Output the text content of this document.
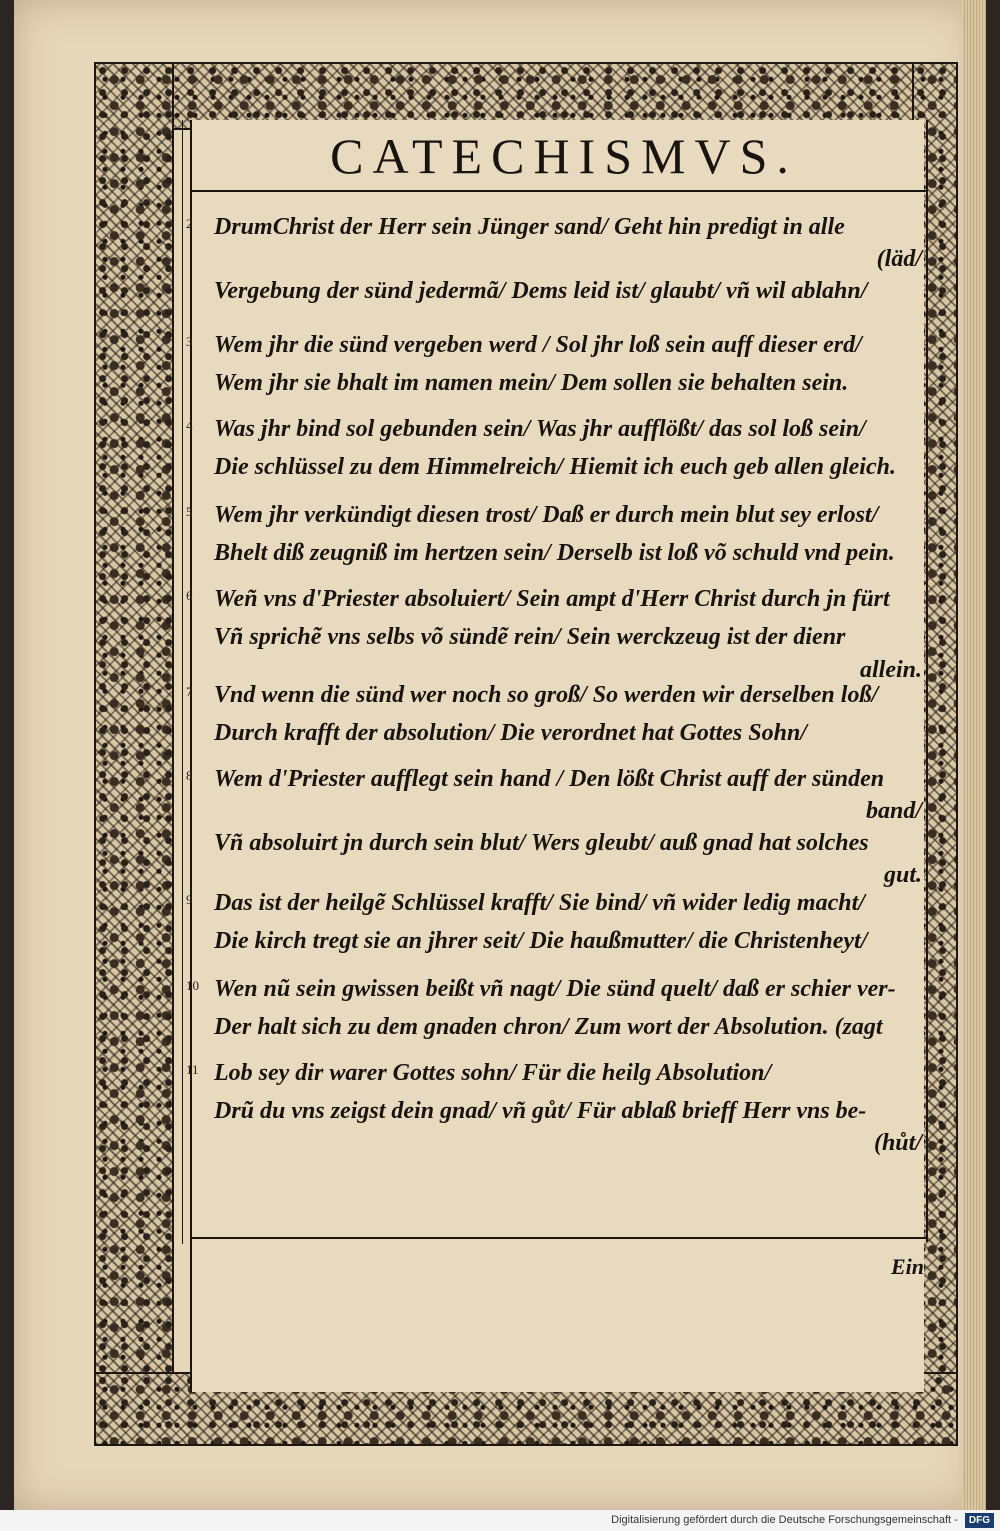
CATECHISMVS.
2 DrumChrist der Herr sein Jünger sand/ Geht hin predigt in alle
(läd/
Vergebung der sünd jedermã/ Dems leid ist/ glaubt/ vñ wil ablahn/
3 Wem jhr die sünd vergeben werd / Sol jhr loß sein auff dieser erd/
Wem jhr sie bhalt im namen mein/ Dem sollen sie behalten sein.
4 Was jhr bind sol gebunden sein/ Was jhr aufflößt/ das sol loß sein/
Die schlüssel zu dem Himmelreich/ Hiemit ich euch geb allen gleich.
5 Wem jhr verkündigt diesen trost/ Daß er durch mein blut sey erlost/
Bhelt diß zeugniß im hertzen sein/ Derselb ist loß võ schuld vnd pein.
6 Weñ vns d'Priester absoluiert/ Sein ampt d'Herr Christ durch jn fürt
Vñ sprichẽ vns selbs võ sündẽ rein/ Sein werckzeug ist der dienr
allein.
7 Vnd wenn die sünd wer noch so groß/ So werden wir derselben loß/
Durch krafft der absolution/ Die verordnet hat Gottes Sohn/
8 Wem d'Priester aufflegt sein hand / Den lößt Christ auff der sünden
band/
Vñ absoluirt jn durch sein blut/ Wers gleubt/ auß gnad hat solches
gut.
9 Das ist der heilgẽ Schlüssel krafft/ Sie bind/ vñ wider ledig macht/
Die kirch tregt sie an jhrer seit/ Die haußmutter/ die Christenheyt/
10 Wen nũ sein gwissen beißt vñ nagt/ Die sünd quelt/ daß er schier ver-
Der halt sich zu dem gnaden chron/ Zum wort der Absolution. (zagt
11 Lob sey dir warer Gottes sohn/ Für die heilg Absolution/
Drũ du vns zeigst dein gnad/ vñ gůt/ Für ablaß brieff Herr vns be-
(hůt/
Ein
Digitalisierung gefördert durch die Deutsche Forschungsgemeinschaft - DFG
